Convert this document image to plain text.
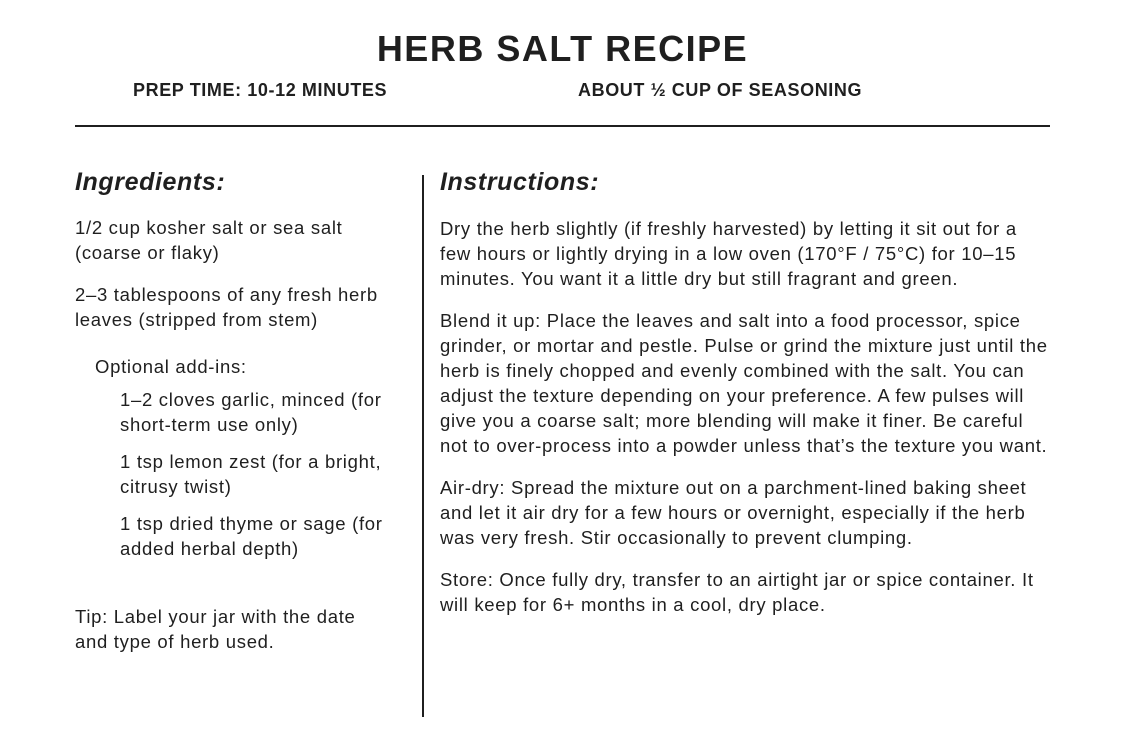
HERB SALT RECIPE
PREP TIME: 10-12 MINUTES	ABOUT ½ CUP OF SEASONING
Ingredients:

1/2 cup kosher salt or sea salt (coarse or flaky)

2–3 tablespoons of any fresh herb leaves (stripped from stem)

Optional add-ins:

1–2 cloves garlic, minced (for short-term use only)

1 tsp lemon zest (for a bright, citrusy twist)

1 tsp dried thyme or sage (for added herbal depth)

Tip: Label your jar with the date and type of herb used.

Instructions:

Dry the herb slightly (if freshly harvested) by letting it sit out for a few hours or lightly drying in a low oven (170°F / 75°C) for 10–15 minutes. You want it a little dry but still fragrant and green.

Blend it up: Place the leaves and salt into a food processor, spice grinder, or mortar and pestle. Pulse or grind the mixture just until the herb is finely chopped and evenly combined with the salt. You can adjust the texture depending on your preference. A few pulses will give you a coarse salt; more blending will make it finer. Be careful not to over-process into a powder unless that’s the texture you want.

Air-dry: Spread the mixture out on a parchment-lined baking sheet and let it air dry for a few hours or overnight, especially if the herb was very fresh. Stir occasionally to prevent clumping.

Store: Once fully dry, transfer to an airtight jar or spice container. It will keep for 6+ months in a cool, dry place.
